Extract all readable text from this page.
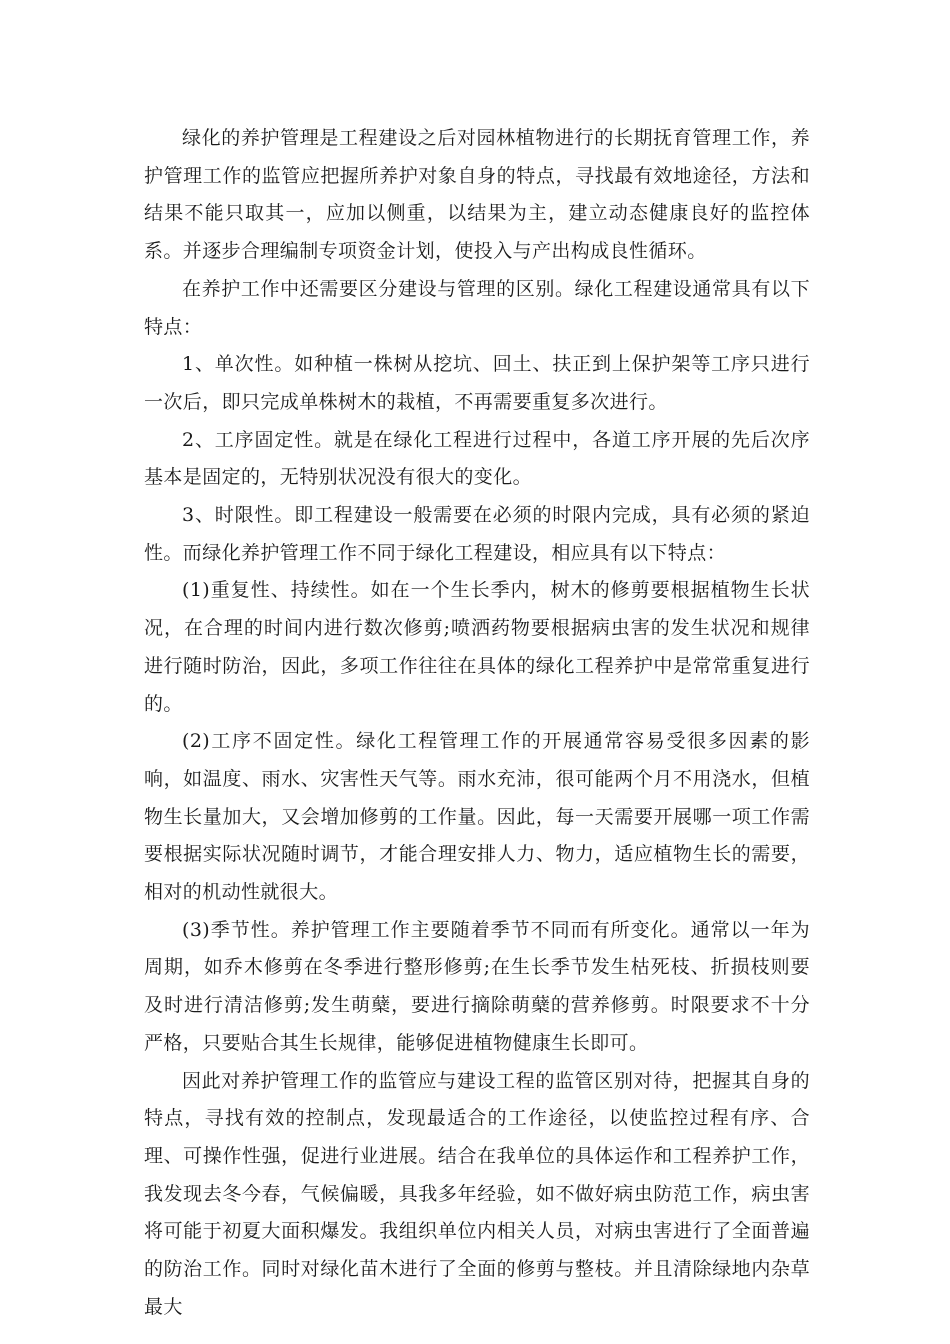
绿化的养护管理是工程建设之后对园林植物进行的长期抚育管理工作，养护管理工作的监管应把握所养护对象自身的特点，寻找最有效地途径，方法和结果不能只取其一，应加以侧重，以结果为主，建立动态健康良好的监控体系。并逐步合理编制专项资金计划，使投入与产出构成良性循环。

在养护工作中还需要区分建设与管理的区别。绿化工程建设通常具有以下特点：

1、单次性。如种植一株树从挖坑、回土、扶正到上保护架等工序只进行一次后，即只完成单株树木的栽植，不再需要重复多次进行。

2、工序固定性。就是在绿化工程进行过程中，各道工序开展的先后次序基本是固定的，无特别状况没有很大的变化。

3、时限性。即工程建设一般需要在必须的时限内完成，具有必须的紧迫性。而绿化养护管理工作不同于绿化工程建设，相应具有以下特点：

(1)重复性、持续性。如在一个生长季内，树木的修剪要根据植物生长状况，在合理的时间内进行数次修剪;喷洒药物要根据病虫害的发生状况和规律进行随时防治，因此，多项工作往往在具体的绿化工程养护中是常常重复进行的。

(2)工序不固定性。绿化工程管理工作的开展通常容易受很多因素的影响，如温度、雨水、灾害性天气等。雨水充沛，很可能两个月不用浇水，但植物生长量加大，又会增加修剪的工作量。因此，每一天需要开展哪一项工作需要根据实际状况随时调节，才能合理安排人力、物力，适应植物生长的需要，相对的机动性就很大。

(3)季节性。养护管理工作主要随着季节不同而有所变化。通常以一年为周期，如乔木修剪在冬季进行整形修剪;在生长季节发生枯死枝、折损枝则要及时进行清洁修剪;发生萌蘖，要进行摘除萌蘖的营养修剪。时限要求不十分严格，只要贴合其生长规律，能够促进植物健康生长即可。

因此对养护管理工作的监管应与建设工程的监管区别对待，把握其自身的特点，寻找有效的控制点，发现最适合的工作途径，以使监控过程有序、合理、可操作性强，促进行业进展。结合在我单位的具体运作和工程养护工作，我发现去冬今春，气候偏暖，具我多年经验，如不做好病虫防范工作，病虫害将可能于初夏大面积爆发。我组织单位内相关人员，对病虫害进行了全面普遍的防治工作。同时对绿化苗木进行了全面的修剪与整枝。并且清除绿地内杂草最大
